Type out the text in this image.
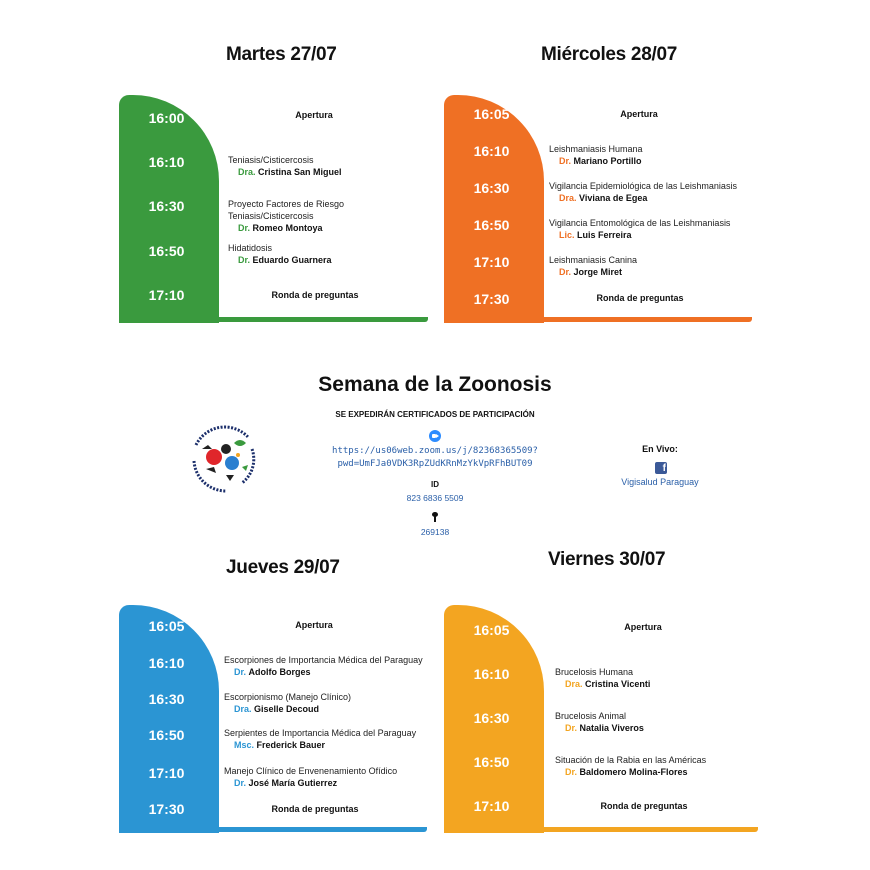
Martes 27/07
16:00
16:10
16:30
16:50
17:10
Apertura
Teniasis/Cisticercosis
Dra. Cristina San Miguel
Proyecto Factores de Riesgo
Teniasis/Cisticercosis
Dr. Romeo Montoya
Hidatidosis
Dr. Eduardo Guarnera
Ronda de preguntas
Miércoles 28/07
16:05
16:10
16:30
16:50
17:10
17:30
Apertura
Leishmaniasis Humana
Dr. Mariano Portillo
Vigilancia Epidemiológica de las Leishmaniasis
Dra. Viviana de Egea
Vigilancia Entomológica de las Leishmaniasis
Lic. Luis Ferreira
Leishmaniasis Canina
Dr. Jorge Miret
Ronda de preguntas
Semana de la Zoonosis
SE EXPEDIRÁN CERTIFICADOS DE PARTICIPACIÓN
https://us06web.zoom.us/j/82368365509?
pwd=UmFJa0VDK3RpZUdKRnMzYkVpRFhBUT09
ID
823 6836 5509
269138
En Vivo:
f
Vigisalud Paraguay
Jueves 29/07
16:05
16:10
16:30
16:50
17:10
17:30
Apertura
Escorpiones de Importancia Médica del Paraguay
Dr. Adolfo Borges
Escorpionismo (Manejo Clínico)
Dra. Giselle Decoud
Serpientes de Importancia Médica del Paraguay
Msc. Frederick Bauer
Manejo Clínico de Envenenamiento Ofídico
Dr. José María Gutierrez
Ronda de preguntas
Viernes 30/07
16:05
16:10
16:30
16:50
17:10
Apertura
Brucelosis Humana
Dra. Cristina Vicenti
Brucelosis Animal
Dr. Natalia Viveros
Situación de la Rabia en las Américas
Dr. Baldomero Molina-Flores
Ronda de preguntas
